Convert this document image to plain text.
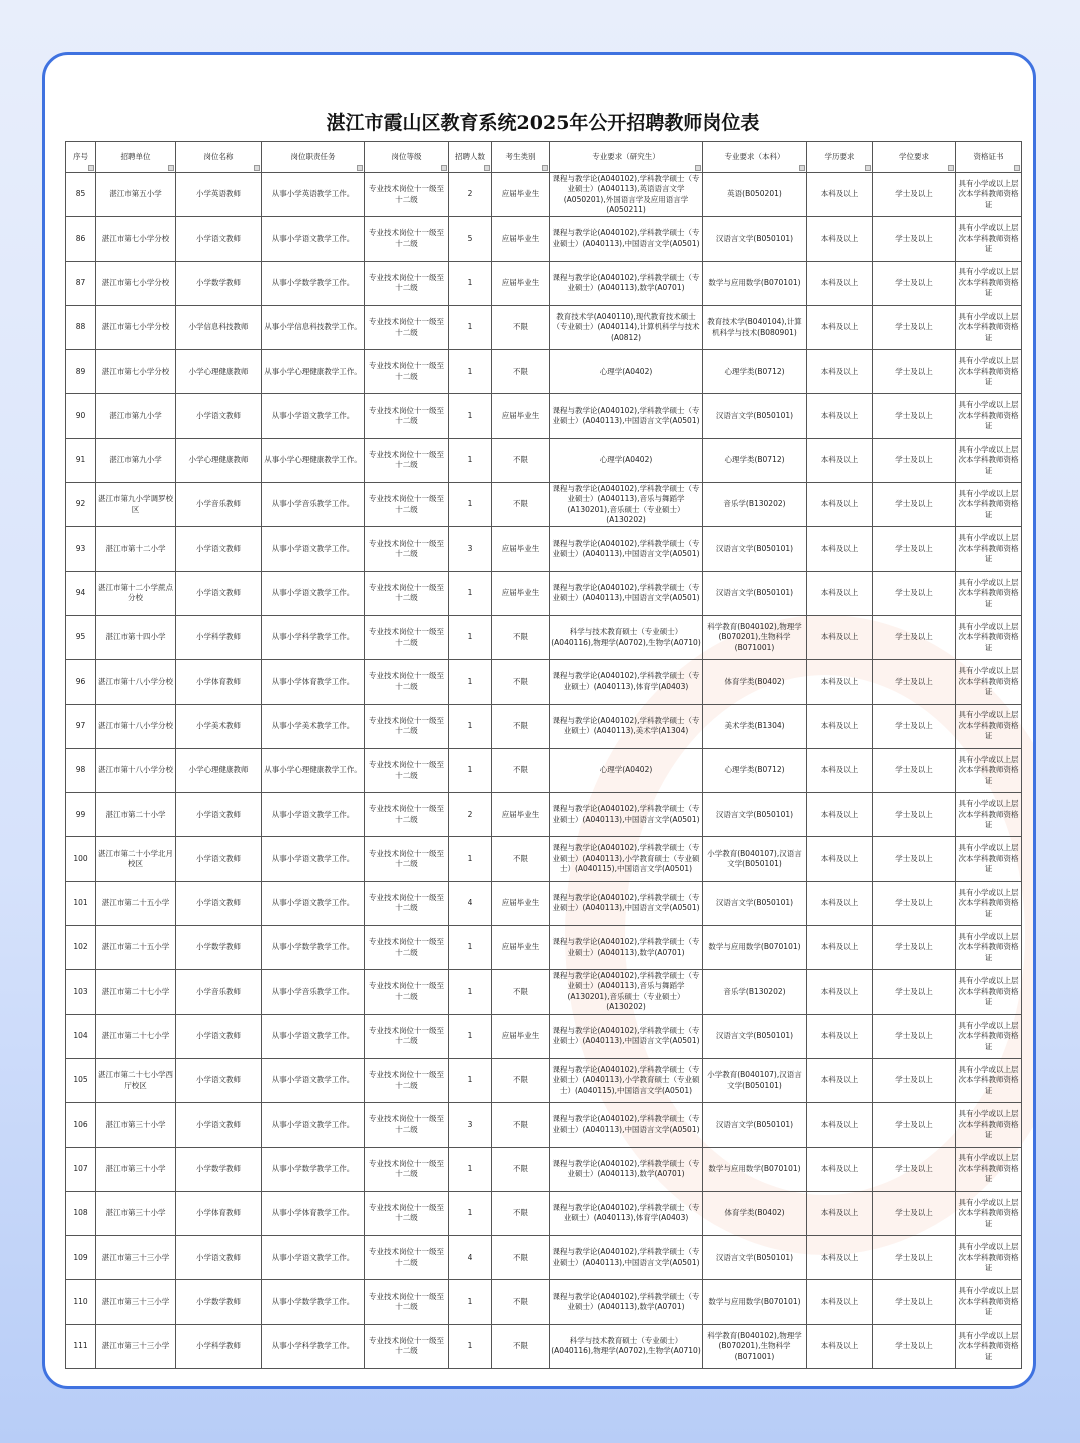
湛江市霞山区教育系统2025年公开招聘教师岗位表
序号	招聘单位	岗位名称	岗位职责任务	岗位等级	招聘人数	考生类别	专业要求（研究生）	专业要求（本科）	学历要求	学位要求	资格证书

85	湛江市第五小学	小学英语教师	从事小学英语教学工作。	专业技术岗位十一级至十二级	2	应届毕业生	课程与教学论(A040102),学科教学硕士（专业硕士）(A040113),英语语言文学(A050201),外国语言学及应用语言学(A050211)	英语(B050201)	本科及以上	学士及以上	具有小学或以上层次本学科教师资格证
86	湛江市第七小学分校	小学语文教师	从事小学语文教学工作。	专业技术岗位十一级至十二级	5	应届毕业生	课程与教学论(A040102),学科教学硕士（专业硕士）(A040113),中国语言文学(A0501)	汉语言文学(B050101)	本科及以上	学士及以上	具有小学或以上层次本学科教师资格证
87	湛江市第七小学分校	小学数学教师	从事小学数学教学工作。	专业技术岗位十一级至十二级	1	应届毕业生	课程与教学论(A040102),学科教学硕士（专业硕士）(A040113),数学(A0701)	数学与应用数学(B070101)	本科及以上	学士及以上	具有小学或以上层次本学科教师资格证
88	湛江市第七小学分校	小学信息科技教师	从事小学信息科技教学工作。	专业技术岗位十一级至十二级	1	不限	教育技术学(A040110),现代教育技术硕士（专业硕士）(A040114),计算机科学与技术(A0812)	教育技术学(B040104),计算机科学与技术(B080901)	本科及以上	学士及以上	具有小学或以上层次本学科教师资格证
89	湛江市第七小学分校	小学心理健康教师	从事小学心理健康教学工作。	专业技术岗位十一级至十二级	1	不限	心理学(A0402)	心理学类(B0712)	本科及以上	学士及以上	具有小学或以上层次本学科教师资格证
90	湛江市第九小学	小学语文教师	从事小学语文教学工作。	专业技术岗位十一级至十二级	1	应届毕业生	课程与教学论(A040102),学科教学硕士（专业硕士）(A040113),中国语言文学(A0501)	汉语言文学(B050101)	本科及以上	学士及以上	具有小学或以上层次本学科教师资格证
91	湛江市第九小学	小学心理健康教师	从事小学心理健康教学工作。	专业技术岗位十一级至十二级	1	不限	心理学(A0402)	心理学类(B0712)	本科及以上	学士及以上	具有小学或以上层次本学科教师资格证
92	湛江市第九小学调罗校区	小学音乐教师	从事小学音乐教学工作。	专业技术岗位十一级至十二级	1	不限	课程与教学论(A040102),学科教学硕士（专业硕士）(A040113),音乐与舞蹈学(A130201),音乐硕士（专业硕士）(A130202)	音乐学(B130202)	本科及以上	学士及以上	具有小学或以上层次本学科教师资格证
93	湛江市第十二小学	小学语文教师	从事小学语文教学工作。	专业技术岗位十一级至十二级	3	应届毕业生	课程与教学论(A040102),学科教学硕士（专业硕士）(A040113),中国语言文学(A0501)	汉语言文学(B050101)	本科及以上	学士及以上	具有小学或以上层次本学科教师资格证
94	湛江市第十二小学蔗点分校	小学语文教师	从事小学语文教学工作。	专业技术岗位十一级至十二级	1	应届毕业生	课程与教学论(A040102),学科教学硕士（专业硕士）(A040113),中国语言文学(A0501)	汉语言文学(B050101)	本科及以上	学士及以上	具有小学或以上层次本学科教师资格证
95	湛江市第十四小学	小学科学教师	从事小学科学教学工作。	专业技术岗位十一级至十二级	1	不限	科学与技术教育硕士（专业硕士）(A040116),物理学(A0702),生物学(A0710)	科学教育(B040102),物理学(B070201),生物科学(B071001)	本科及以上	学士及以上	具有小学或以上层次本学科教师资格证
96	湛江市第十八小学分校	小学体育教师	从事小学体育教学工作。	专业技术岗位十一级至十二级	1	不限	课程与教学论(A040102),学科教学硕士（专业硕士）(A040113),体育学(A0403)	体育学类(B0402)	本科及以上	学士及以上	具有小学或以上层次本学科教师资格证
97	湛江市第十八小学分校	小学美术教师	从事小学美术教学工作。	专业技术岗位十一级至十二级	1	不限	课程与教学论(A040102),学科教学硕士（专业硕士）(A040113),美术学(A1304)	美术学类(B1304)	本科及以上	学士及以上	具有小学或以上层次本学科教师资格证
98	湛江市第十八小学分校	小学心理健康教师	从事小学心理健康教学工作。	专业技术岗位十一级至十二级	1	不限	心理学(A0402)	心理学类(B0712)	本科及以上	学士及以上	具有小学或以上层次本学科教师资格证
99	湛江市第二十小学	小学语文教师	从事小学语文教学工作。	专业技术岗位十一级至十二级	2	应届毕业生	课程与教学论(A040102),学科教学硕士（专业硕士）(A040113),中国语言文学(A0501)	汉语言文学(B050101)	本科及以上	学士及以上	具有小学或以上层次本学科教师资格证
100	湛江市第二十小学北月校区	小学语文教师	从事小学语文教学工作。	专业技术岗位十一级至十二级	1	不限	课程与教学论(A040102),学科教学硕士（专业硕士）(A040113),小学教育硕士（专业硕士）(A040115),中国语言文学(A0501)	小学教育(B040107),汉语言文学(B050101)	本科及以上	学士及以上	具有小学或以上层次本学科教师资格证
101	湛江市第二十五小学	小学语文教师	从事小学语文教学工作。	专业技术岗位十一级至十二级	4	应届毕业生	课程与教学论(A040102),学科教学硕士（专业硕士）(A040113),中国语言文学(A0501)	汉语言文学(B050101)	本科及以上	学士及以上	具有小学或以上层次本学科教师资格证
102	湛江市第二十五小学	小学数学教师	从事小学数学教学工作。	专业技术岗位十一级至十二级	1	应届毕业生	课程与教学论(A040102),学科教学硕士（专业硕士）(A040113),数学(A0701)	数学与应用数学(B070101)	本科及以上	学士及以上	具有小学或以上层次本学科教师资格证
103	湛江市第二十七小学	小学音乐教师	从事小学音乐教学工作。	专业技术岗位十一级至十二级	1	不限	课程与教学论(A040102),学科教学硕士（专业硕士）(A040113),音乐与舞蹈学(A130201),音乐硕士（专业硕士）(A130202)	音乐学(B130202)	本科及以上	学士及以上	具有小学或以上层次本学科教师资格证
104	湛江市第二十七小学	小学语文教师	从事小学语文教学工作。	专业技术岗位十一级至十二级	1	应届毕业生	课程与教学论(A040102),学科教学硕士（专业硕士）(A040113),中国语言文学(A0501)	汉语言文学(B050101)	本科及以上	学士及以上	具有小学或以上层次本学科教师资格证
105	湛江市第二十七小学西厅校区	小学语文教师	从事小学语文教学工作。	专业技术岗位十一级至十二级	1	不限	课程与教学论(A040102),学科教学硕士（专业硕士）(A040113),小学教育硕士（专业硕士）(A040115),中国语言文学(A0501)	小学教育(B040107),汉语言文学(B050101)	本科及以上	学士及以上	具有小学或以上层次本学科教师资格证
106	湛江市第三十小学	小学语文教师	从事小学语文教学工作。	专业技术岗位十一级至十二级	3	不限	课程与教学论(A040102),学科教学硕士（专业硕士）(A040113),中国语言文学(A0501)	汉语言文学(B050101)	本科及以上	学士及以上	具有小学或以上层次本学科教师资格证
107	湛江市第三十小学	小学数学教师	从事小学数学教学工作。	专业技术岗位十一级至十二级	1	不限	课程与教学论(A040102),学科教学硕士（专业硕士）(A040113),数学(A0701)	数学与应用数学(B070101)	本科及以上	学士及以上	具有小学或以上层次本学科教师资格证
108	湛江市第三十小学	小学体育教师	从事小学体育教学工作。	专业技术岗位十一级至十二级	1	不限	课程与教学论(A040102),学科教学硕士（专业硕士）(A040113),体育学(A0403)	体育学类(B0402)	本科及以上	学士及以上	具有小学或以上层次本学科教师资格证
109	湛江市第三十三小学	小学语文教师	从事小学语文教学工作。	专业技术岗位十一级至十二级	4	不限	课程与教学论(A040102),学科教学硕士（专业硕士）(A040113),中国语言文学(A0501)	汉语言文学(B050101)	本科及以上	学士及以上	具有小学或以上层次本学科教师资格证
110	湛江市第三十三小学	小学数学教师	从事小学数学教学工作。	专业技术岗位十一级至十二级	1	不限	课程与教学论(A040102),学科教学硕士（专业硕士）(A040113),数学(A0701)	数学与应用数学(B070101)	本科及以上	学士及以上	具有小学或以上层次本学科教师资格证
111	湛江市第三十三小学	小学科学教师	从事小学科学教学工作。	专业技术岗位十一级至十二级	1	不限	科学与技术教育硕士（专业硕士）(A040116),物理学(A0702),生物学(A0710)	科学教育(B040102),物理学(B070201),生物科学(B071001)	本科及以上	学士及以上	具有小学或以上层次本学科教师资格证
